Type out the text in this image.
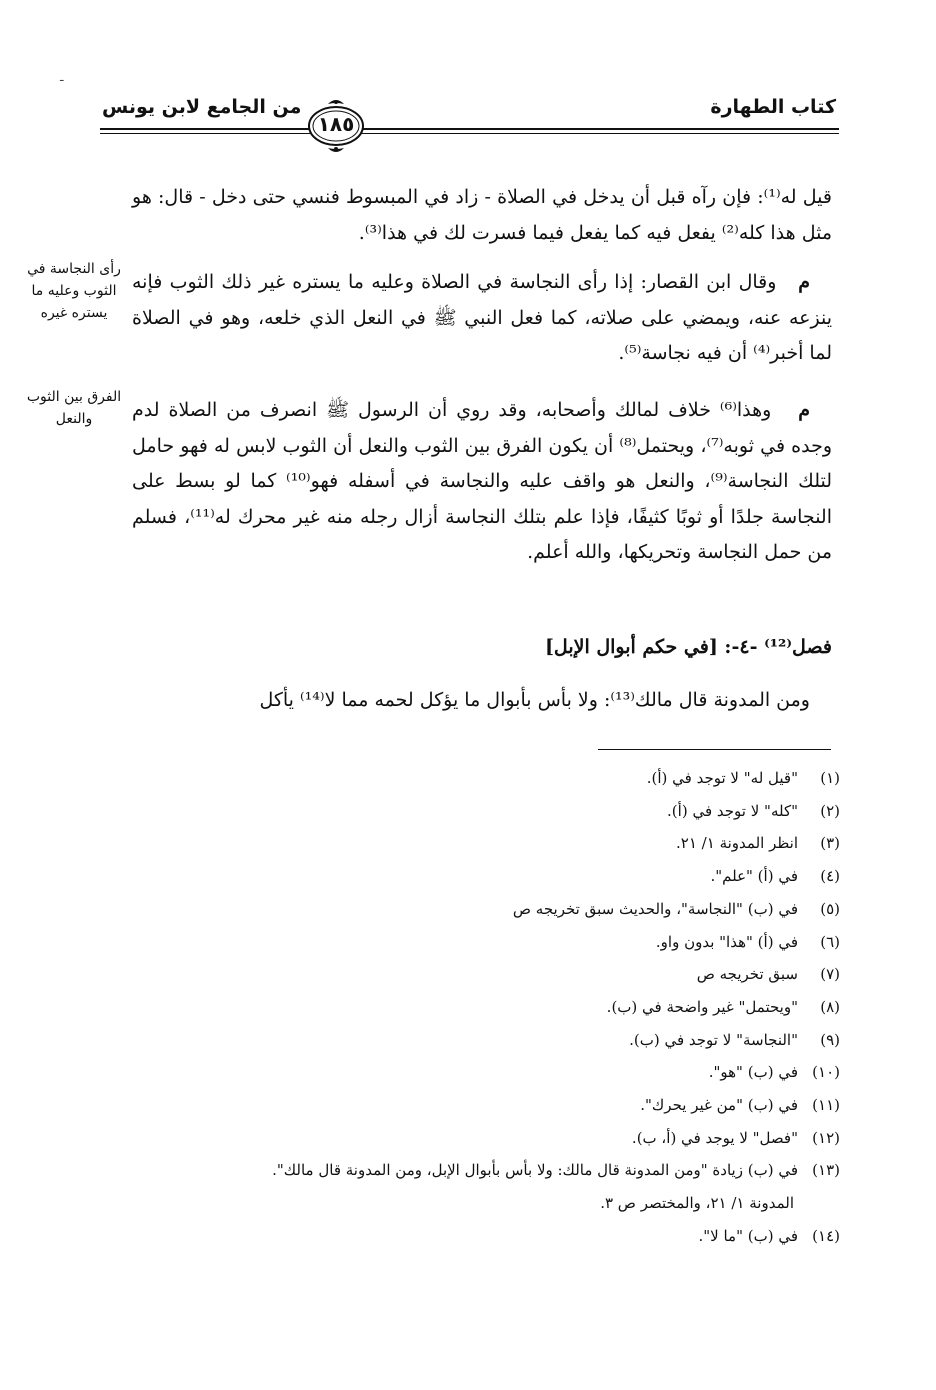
ـ
كتاب الطهارة
من الجامع لابن يونس
١٨٥
رأى النجاسة في الثوب وعليه ما يستره غيره
الفرق بين الثوب والنعل

قيل له⁽¹⁾: فإن رآه قبل أن يدخل في الصلاة - زاد في المبسوط فنسي حتى دخل - قال: هو مثل هذا كله⁽²⁾ يفعل فيه كما يفعل فيما فسرت لك في هذا⁽³⁾.

م   وقال ابن القصار: إذا رأى النجاسة في الصلاة وعليه ما يستره غير ذلك الثوب فإنه ينزعه عنه، ويمضي على صلاته، كما فعل النبي ﷺ في النعل الذي خلعه، وهو في الصلاة لما أخبر⁽⁴⁾ أن فيه نجاسة⁽⁵⁾.

م   وهذا⁽⁶⁾ خلاف لمالك وأصحابه، وقد روي أن الرسول ﷺ انصرف من الصلاة لدم وجده في ثوبه⁽⁷⁾، ويحتمل⁽⁸⁾ أن يكون الفرق بين الثوب والنعل أن الثوب لابس له فهو حامل لتلك النجاسة⁽⁹⁾، والنعل هو واقف عليه والنجاسة في أسفله فهو⁽¹⁰⁾ كما لو بسط على النجاسة جلدًا أو ثوبًا كثيفًا، فإذا علم بتلك النجاسة أزال رجله منه غير محرك له⁽¹¹⁾، فسلم من حمل النجاسة وتحريكها، والله أعلم.

فصل⁽¹²⁾ -٤-: [في حكم أبوال الإبل]

ومن المدونة قال مالك⁽¹³⁾: ولا بأس بأبوال ما يؤكل لحمه مما لا⁽¹⁴⁾ يأكل

(١)"قيل له" لا توجد في (أ).
(٢)"كله" لا توجد في (أ).
(٣)انظر المدونة ١/ ٢١.
(٤)في (أ) "علم".
(٥)في (ب) "النجاسة"، والحديث سبق تخريجه ص
(٦)في (أ) "هذا" بدون واو.
(٧)سبق تخريجه ص
(٨)"ويحتمل" غير واضحة في (ب).
(٩)"النجاسة" لا توجد في (ب).
(١٠)في (ب) "هو".
(١١)في (ب) "من غير يحرك".
(١٢)"فصل" لا يوجد في (أ، ب).
(١٣)في (ب) زيادة "ومن المدونة قال مالك: ولا بأس بأبوال الإبل، ومن المدونة قال مالك".
المدونة ١/ ٢١، والمختصر ص ٣.
(١٤)في (ب) "ما لا".
